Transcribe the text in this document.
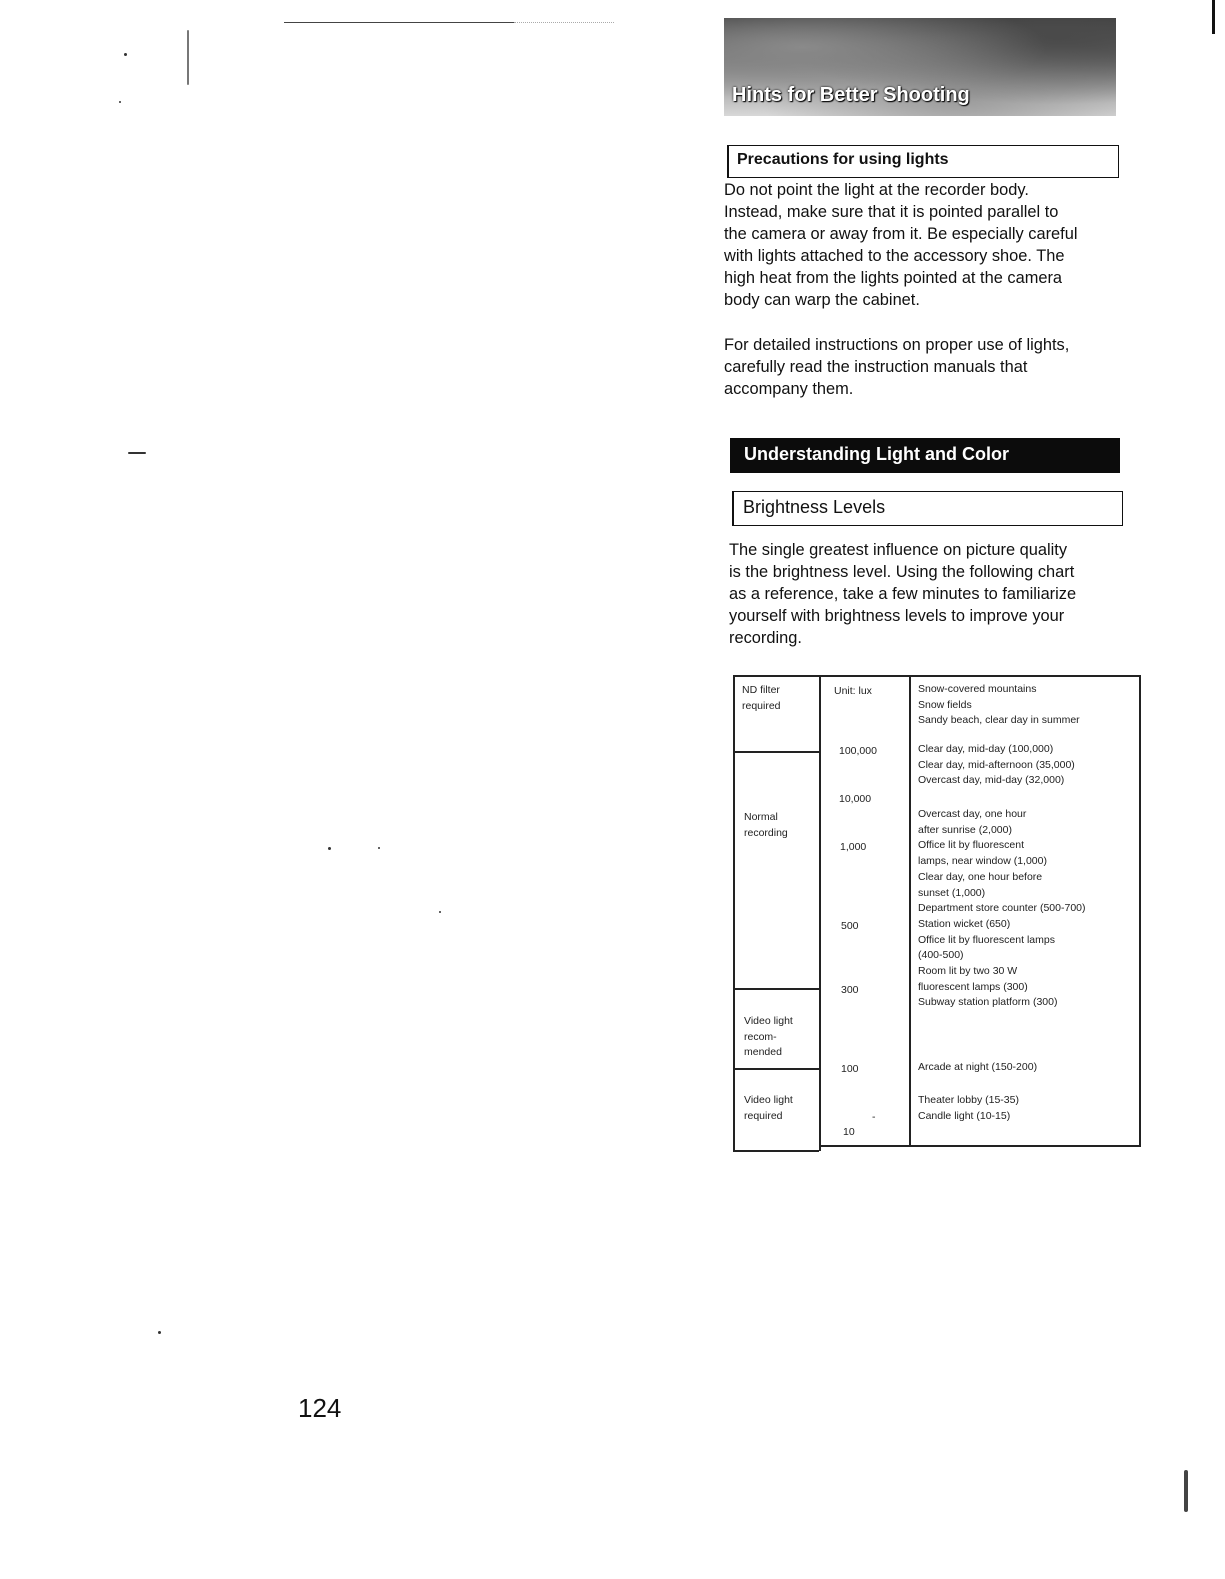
Hints for Better Shooting
Precautions for using lights

Do not point the light at the recorder body.

Instead, make sure that it is pointed parallel to

the camera or away from it. Be especially careful

with lights attached to the accessory shoe. The

high heat from the lights pointed at the camera

body can warp the cabinet.

For detailed instructions on proper use of lights,

carefully read the instruction manuals that

accompany them.

Understanding Light and Color
Brightness Levels

The single greatest influence on picture quality

is the brightness level. Using the following chart

as a reference, take a few minutes to familiarize

yourself with brightness levels to improve your

recording.

ND filter
required
Normal
recording
Video light
recom-
mended
Video light
required
Unit: lux
100,000
10,000
1,000
500
300
100
-
10
Snow-covered mountains
Snow fields
Sandy beach, clear day in summer
Clear day, mid-day (100,000)
Clear day, mid-afternoon (35,000)
Overcast day, mid-day (32,000)
Overcast day, one hour
after sunrise (2,000)
Office lit by fluorescent
lamps, near window (1,000)
Clear day, one hour before
sunset (1,000)
Department store counter (500-700)
Station wicket (650)
Office lit by fluorescent lamps
(400-500)
Room lit by two 30 W
fluorescent lamps (300)
Subway station platform (300)
Arcade at night (150-200)
Theater lobby (15-35)
Candle light (10-15)
124
